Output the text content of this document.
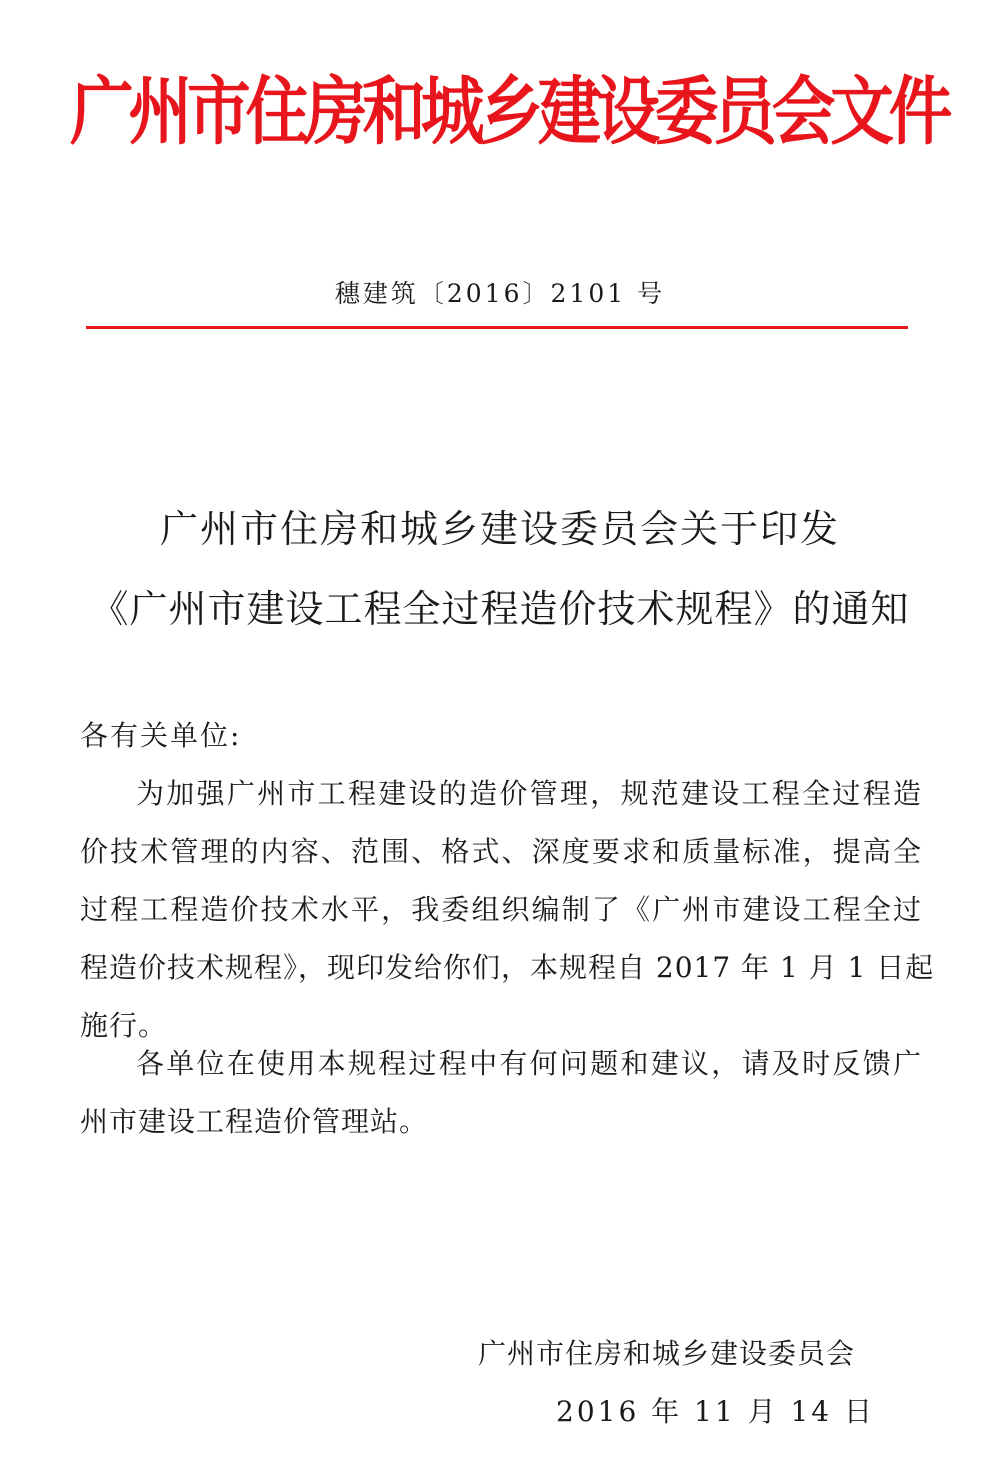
广州市住房和城乡建设委员会文件
穗建筑〔2016〕2101 号
广州市住房和城乡建设委员会关于印发
《广州市建设工程全过程造价技术规程》的通知
各有关单位:
为加强广州市工程建设的造价管理，规范建设工程全过程造
价技术管理的内容、范围、格式、深度要求和质量标准，提高全
过程工程造价技术水平，我委组织编制了《广州市建设工程全过
程造价技术规程》，现印发给你们，本规程自 2017 年 1 月 1 日起
施行。
各单位在使用本规程过程中有何问题和建议，请及时反馈广
州市建设工程造价管理站。
广州市住房和城乡建设委员会
2016 年 11 月 14 日
